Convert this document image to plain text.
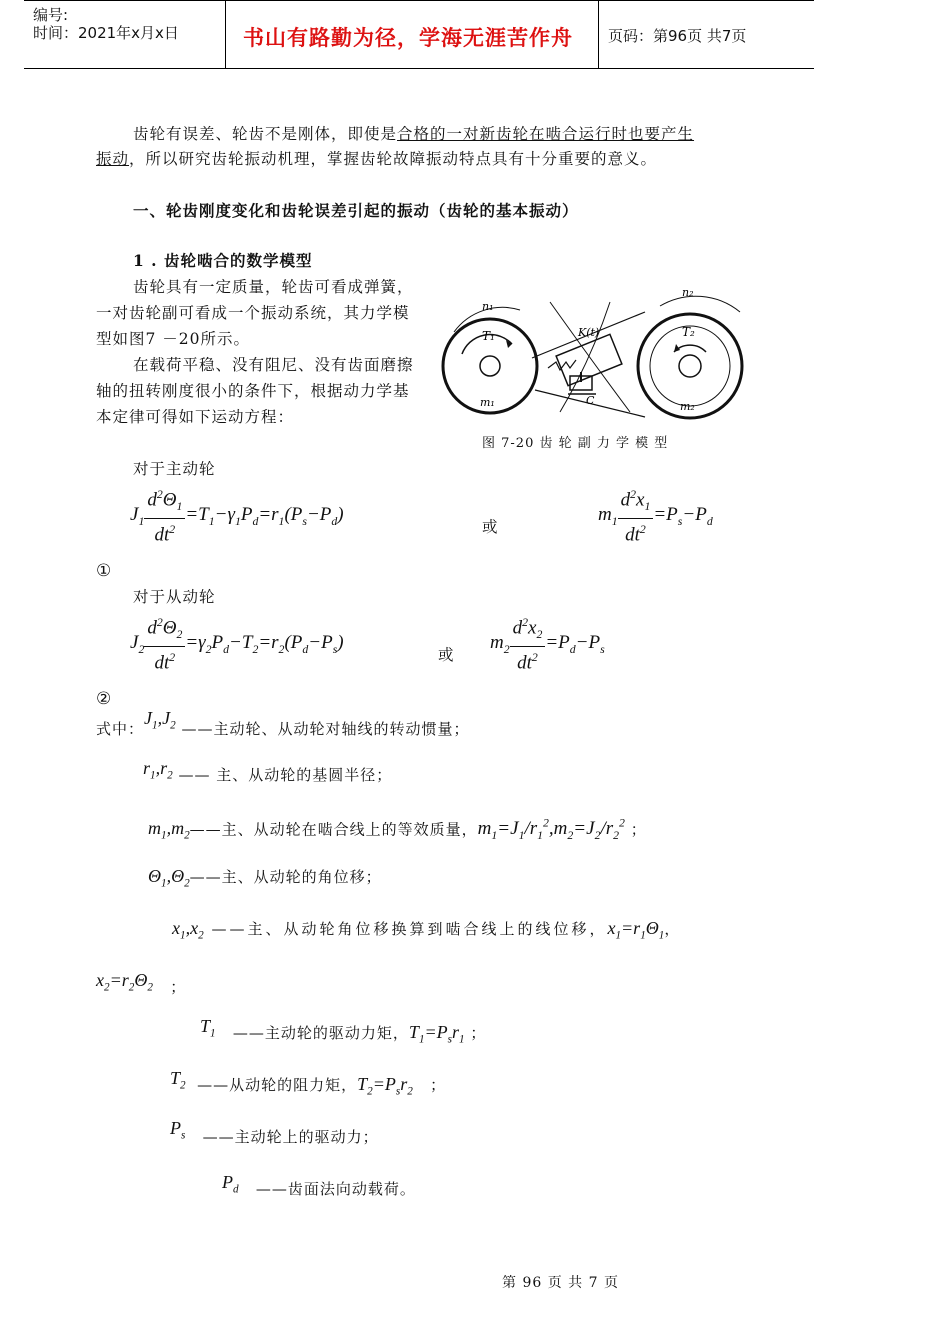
编号:
时间：2021年x月x日	书山有路勤为径，学海无涯苦作舟 页码：第96页 共7页
齿轮有误差、轮齿不是刚体，即使是合格的一对新齿轮在啮合运行时也要产生
振动，所以研究齿轮振动机理，掌握齿轮故障振动特点具有十分重要的意义。
一、轮齿刚度变化和齿轮误差引起的振动（齿轮的基本振动）
1 . 齿轮啮合的数学模型
齿轮具有一定质量，轮齿可看成弹簧，
一对齿轮副可看成一个振动系统，其力学模
型如图7 －20所示。
在载荷平稳、没有阻尼、没有齿面磨擦
轴的扭转刚度很小的条件下，根据动力学基
本定律可得如下运动方程：
n₁
n₂
T₁	T₂
m₁	m₂
K(t)
C
图 7-20 齿 轮 副 力 学 模 型
对于主动轮
$J_1 \frac{d^2\Theta_1}{dt^2} =T_1-\gamma_1P_d=r_1(P_s-P_d)$
或
$m_1 \frac{d^2x_1}{dt^2} =P_s-P_d$
①
对于从动轮
$J_2 \frac{d^2\Theta_2}{dt^2} =\gamma_2P_d-T_2=r_2(P_d-P_s)$
或
$m_2 \frac{d^2x_2}{dt^2} =P_d-P_s$
②
式中：$J_1,J_2$ ——主动轮、从动轮对轴线的转动惯量；
$r_1,r_2$ —— 主、从动轮的基圆半径；
$m_1,m_2——$主、从动轮在啮合线上的等效质量，$m_1=J_1/r_1^2,m_2=J_2/r_2^2$ ；
$\Theta_1,\Theta_2——$主、从动轮的角位移；
$x_1,x_2$ ——主、从动轮角位移换算到啮合线上的线位移，$x_1=r_1\Theta_1$，
$x_2=r_2\Theta_2$ ；
$T_1$ ——主动轮的驱动力矩，$T_1=P_sr_1$ ；
$T_2$ ——从动轮的阻力矩，$T_2=P_sr_2$ ；
$P_s$ ——主动轮上的驱动力；
$P_d$ ——齿面法向动载荷。
第 96 页 共 7 页
